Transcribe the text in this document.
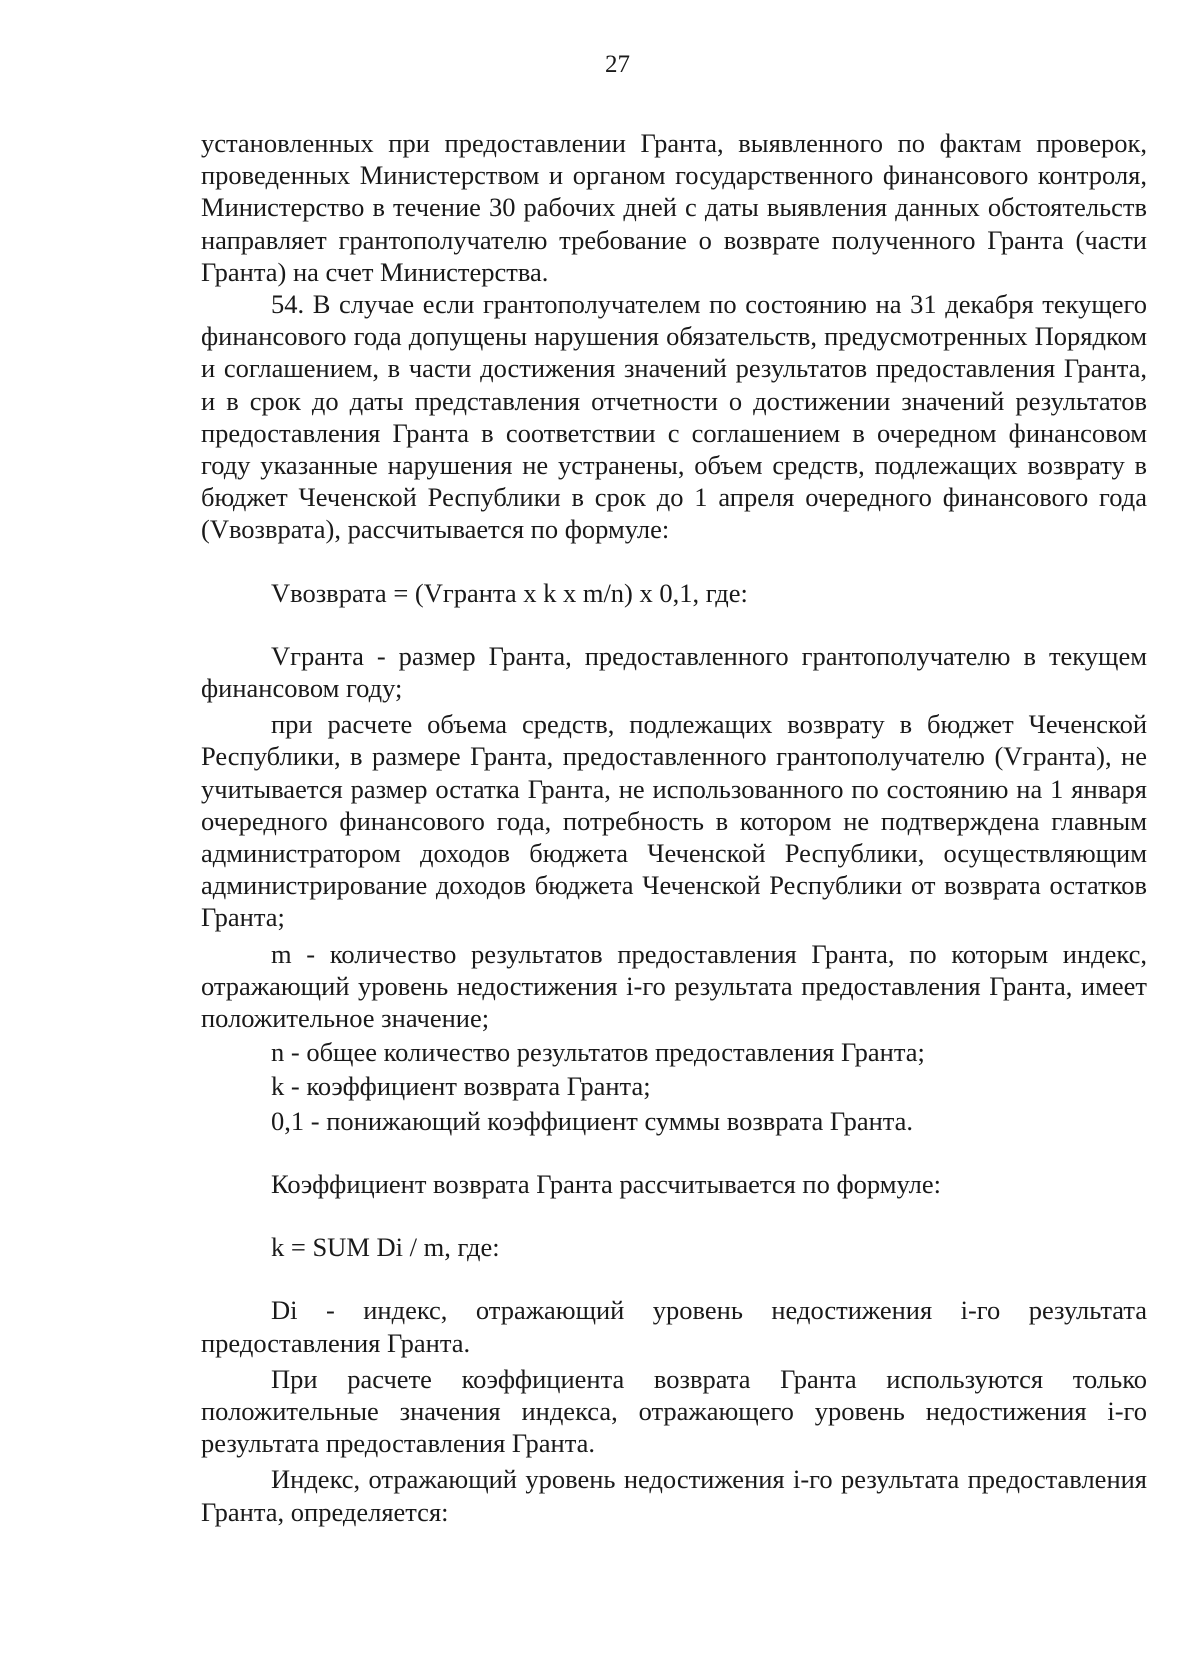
27

установленных при предоставлении Гранта, выявленного по фактам проверок, проведенных Министерством и органом государственного финансового контроля, Министерство в течение 30 рабочих дней с даты выявления данных обстоятельств направляет грантополучателю требование о возврате полученного Гранта (части Гранта) на счет Министерства.

54. В случае если грантополучателем по состоянию на 31 декабря текущего финансового года допущены нарушения обязательств, предусмотренных Порядком и соглашением, в части достижения значений результатов предоставления Гранта, и в срок до даты представления отчетности о достижении значений результатов предоставления Гранта в соответствии с соглашением в очередном финансовом году указанные нарушения не устранены, объем средств, подлежащих возврату в бюджет Чеченской Республики в срок до 1 апреля очередного финансового года (Vвозврата), рассчитывается по формуле:

Vвозврата = (Vгранта x k x m/n) x 0,1, где:

Vгранта - размер Гранта, предоставленного грантополучателю в текущем финансовом году;

при расчете объема средств, подлежащих возврату в бюджет Чеченской Республики, в размере Гранта, предоставленного грантополучателю (Vгранта), не учитывается размер остатка Гранта, не использованного по состоянию на 1 января очередного финансового года, потребность в котором не подтверждена главным администратором доходов бюджета Чеченской Республики, осуществляющим администрирование доходов бюджета Чеченской Республики от возврата остатков Гранта;

m - количество результатов предоставления Гранта, по которым индекс, отражающий уровень недостижения i-го результата предоставления Гранта, имеет положительное значение;

n - общее количество результатов предоставления Гранта;

k - коэффициент возврата Гранта;

0,1 - понижающий коэффициент суммы возврата Гранта.

Коэффициент возврата Гранта рассчитывается по формуле:

k = SUM Di / m, где:

Di - индекс, отражающий уровень недостижения i-го результата предоставления Гранта.

При расчете коэффициента возврата Гранта используются только положительные значения индекса, отражающего уровень недостижения i-го результата предоставления Гранта.

Индекс, отражающий уровень недостижения i-го результата предоставления Гранта, определяется:
